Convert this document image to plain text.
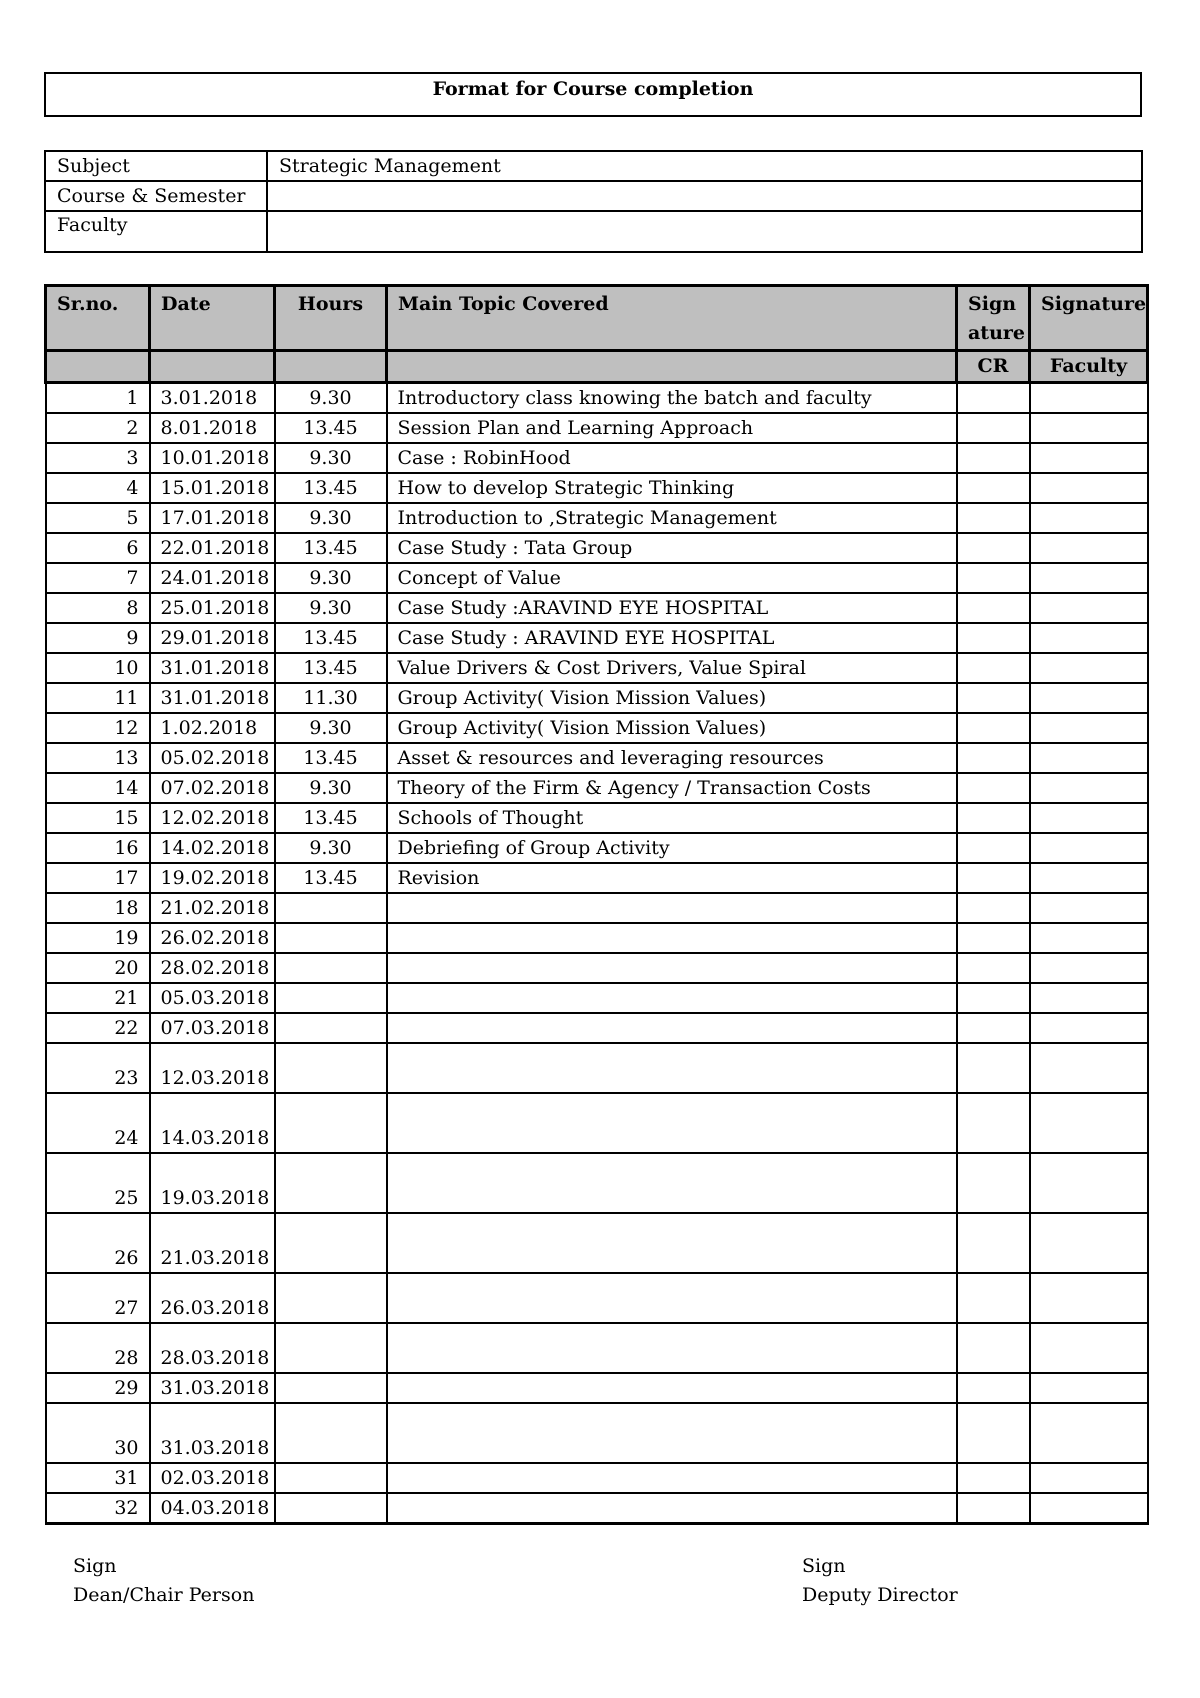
Format for Course completion
Subject	Strategic Management
Course & Semester	
Faculty	
Sr.no.	Date	Hours	Main Topic Covered	Sign ature	Signature
				CR	Faculty
1	3.01.2018	9.30	Introductory class knowing the batch and faculty		
2	8.01.2018	13.45	Session Plan and Learning Approach		
3	10.01.2018	9.30	Case : RobinHood		
4	15.01.2018	13.45	How to develop Strategic Thinking		
5	17.01.2018	9.30	Introduction to ,Strategic Management		
6	22.01.2018	13.45	Case Study : Tata Group		
7	24.01.2018	9.30	Concept of Value		
8	25.01.2018	9.30	Case Study :ARAVIND EYE HOSPITAL		
9	29.01.2018	13.45	Case Study : ARAVIND EYE HOSPITAL		
10	31.01.2018	13.45	Value Drivers & Cost Drivers, Value Spiral		
11	31.01.2018	11.30	Group Activity( Vision Mission Values)		
12	1.02.2018	9.30	Group Activity( Vision Mission Values)		
13	05.02.2018	13.45	Asset & resources and leveraging resources		
14	07.02.2018	9.30	Theory of the Firm & Agency / Transaction Costs		
15	12.02.2018	13.45	Schools of Thought		
16	14.02.2018	9.30	Debriefing of Group Activity		
17	19.02.2018	13.45	Revision		
18	21.02.2018				
19	26.02.2018				
20	28.02.2018				
21	05.03.2018				
22	07.03.2018				
23	12.03.2018				
24	14.03.2018				
25	19.03.2018				
26	21.03.2018				
27	26.03.2018				
28	28.03.2018				
29	31.03.2018				
30	31.03.2018				
31	02.03.2018				
32	04.03.2018				
Sign
Dean/Chair Person
Sign
Deputy Director
